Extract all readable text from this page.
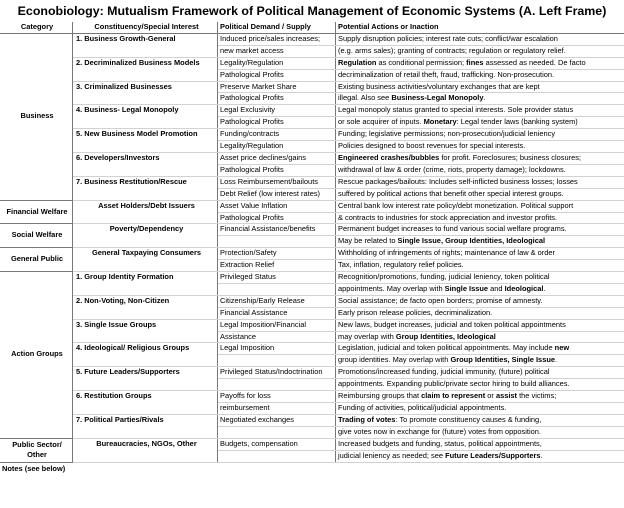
Econobiology: Mutualism Framework of Political Management of Economic Systems (A. Left Frame)
Category	Constituency/Special Interest	Political Demand / Supply	Potential Actions or Inaction
Business	1. Business Growth-General	Induced price/sales increases;	Supply disruption policies; interest rate cuts; conflict/war escalation
		new market access	(e.g. arms sales); granting of contracts; regulation or regulatory relief.
	2. Decriminalized Business Models	Legality/Regulation	Regulation as conditional permission; fines assessed as needed. De facto
		Pathological Profits	decriminalization of retail theft, fraud, trafficking. Non-prosecution.
	3. Criminalized Businesses	Preserve Market Share	Existing business activities/voluntary exchanges that are kept
		Pathological Profits	illegal. Also see Business-Legal Monopoly.
	4. Business- Legal Monopoly	Legal Exclusivity	Legal monopoly status granted to special interests. Sole provider status
		Pathological Profits	or sole acquirer of inputs. Monetary: Legal tender laws (banking system)
	5. New Business Model Promotion	Funding/contracts	Funding; legislative permissions; non-prosecution/judicial leniency
		Legality/Regulation	Policies designed to boost revenues for special interests.
	6. Developers/Investors	Asset price declines/gains	Engineered crashes/bubbles for profit. Foreclosures; business closures;
		Pathological Profits	withdrawal of law & order (crime, riots, property damage); lockdowns.
	7. Business Restitution/Rescue	Loss Reimbursement/bailouts	Rescue packages/bailouts: Includes self-inflicted business losses; losses
		Debt Relief (low interest rates)	suffered by political actions that benefit other special interest groups.
Financial Welfare	Asset Holders/Debt Issuers	Asset Value Inflation	Central bank low interest rate policy/debt monetization. Political support
		Pathological Profits	& contracts to industries for stock appreciation and investor profits.
Social Welfare	Poverty/Dependency	Financial Assistance/benefits	Permanent budget increases to fund various social welfare programs.
			May be related to Single Issue, Group Identities, Ideological
General Public	General Taxpaying Consumers	Protection/Safety	Withholding of infringements of rights; maintenance of law & order
		Extraction Relief	Tax, inflation, regulatory relief policies.
Action Groups	1. Group Identity Formation	Privileged Status	Recognition/promotions, funding, judicial leniency, token political
			appointments. May overlap with Single Issue and Ideological.
	2. Non-Voting, Non-Citizen	Citizenship/Early Release	Social assistance; de facto open borders; promise of amnesty.
		Financial Assistance	Early prison release policies, decriminalization.
	3. Single Issue Groups	Legal Imposition/Financial	New laws, budget increases, judicial and token political appointments
		Assistance	may overlap with Group Identities, Ideological
	4. Ideological/ Religious Groups	Legal Imposition	Legislation, judicial and token political appointments. May include new
			group identities. May overlap with Group Identities, Single Issue.
	5. Future Leaders/Supporters	Privileged Status/Indoctrination	Promotions/increased funding, judicial immunity, (future) political
			appointments. Expanding public/private sector hiring to build alliances.
	6. Restitution Groups	Payoffs for loss	Reimbursing groups that claim to represent or assist the victims;
		reimbursement	Funding of activities, political/judicial appointments.
	7. Political Parties/Rivals	Negotiated exchanges	Trading of votes: To promote constituency causes & funding,
			give votes now in exchange for (future) votes from opposition.
Public Sector/ Other	Bureaucracies, NGOs, Other	Budgets, compensation	Increased budgets and funding, status, political appointments,
			judicial leniency as needed; see Future Leaders/Supporters.
Notes (see below)
